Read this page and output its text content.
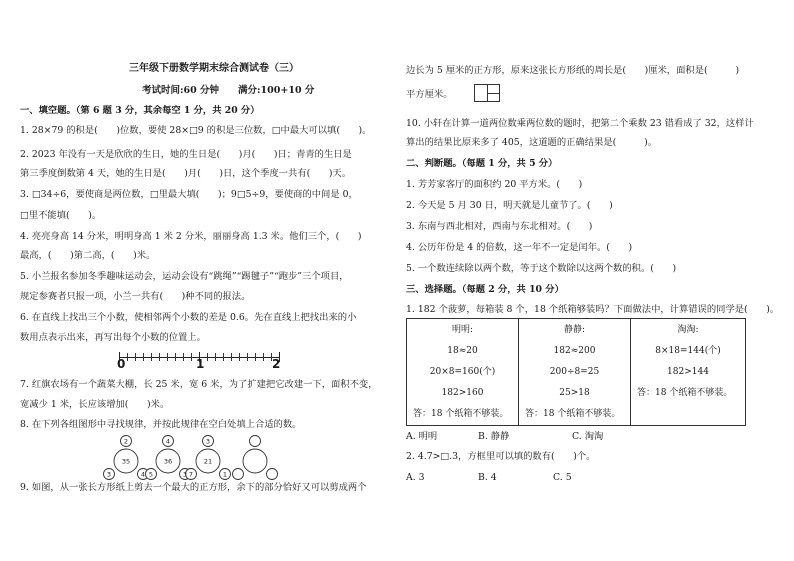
三年级下册数学期末综合测试卷（三）
考试时间:60 分钟　　满分:100+10 分
一、填空题。（第 6 题 3 分，其余每空 1 分，共 20 分）
1. 28×79 的积是(　　)位数，要使 28×□9 的积是三位数，□中最大可以填(　　)。
2. 2023 年没有一天是欣欣的生日，她的生日是(　　)月(　　)日；青青的生日是
第三季度倒数第 4 天，她的生日是(　　)月(　　)日，这个季度一共有(　　)天。
3. □34÷6，要使商是两位数，□里最大填(　　)；9□5÷9，要使商的中间是 0，
□里不能填(　　)。
4. 亮亮身高 14 分米，明明身高 1 米 2 分米，丽丽身高 1.3 米。他们三个，(　　)
最高，(　　)第二高，(　　)米。
5. 小兰报名参加冬季趣味运动会，运动会设有“跳绳”“踢毽子”“跑步”三个项目，
规定参赛者只报一项，小兰一共有(　　)种不同的报法。
6. 在直线上找出三个小数，使相邻两个小数的差是 0.6。先在直线上把找出来的小
数用点表示出来，再写出每个小数的位置上。
0	1	2
7. 红旗农场有一个蔬菜大棚，长 25 米，宽 6 米，为了扩建把它改建一下，面积不变，
宽减少 1 米，长应该增加(　　)米。
8. 在下列各组图形中寻找规律，并按此规律在空白处填上合适的数。
2
35
3	4
4
36
5	3
3
21
7	1
9. 如图，从一张长方形纸上剪去一个最大的正方形，余下的部分恰好又可以剪成两个
边长为 5 厘米的正方形，原来这张长方形纸的周长是(　　)厘米，面积是(　　　)
平方厘米。
10. 小轩在计算一道两位数乘两位数的题时，把第二个乘数 23 错看成了 32，这样计
算出的结果比原来多了 405，这道题的正确结果是(　　　)。
二、判断题。（每题 1 分，共 5 分）
1. 芳芳家客厅的面积约 20 平方米。(　　)
2. 今天是 5 月 30 日，明天就是儿童节了。(　　)
3. 东南与西北相对，西南与东北相对。(　　)
4. 公历年份是 4 的倍数，这一年不一定是闰年。(　　)
5. 一个数连续除以两个数，等于这个数除以这两个数的积。(　　)
三、选择题。（每题 2 分，共 10 分）
1. 182 个菠萝，每箱装 8 个，18 个纸箱够装吗？下面做法中，计算错误的同学是(　　)。
明明:
18≈20
20×8=160(个)
182>160
答：18 个纸箱不够装。
静静:
182≈200
200÷8=25
25>18
答：18 个纸箱不够装。
淘淘:
8×18=144(个)
182>144
答：18 个纸箱不够装。
A. 明明	B. 静静	C. 淘淘
2. 4.7>□.3，方框里可以填的数有(　　)个。
A. 3	B. 4	C. 5
